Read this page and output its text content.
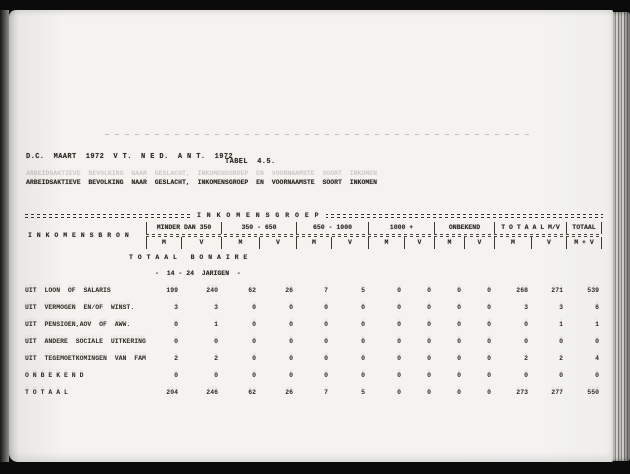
D.C.  MAART  1972  V T.  N E D.  A N T.  1972
TABEL  4.5.
ARBEIDSAKTIEVE  BEVOLKING  NAAR  GESLACHT,  INKOMENSGROEP  EN  VOORNAAMSTE  SOORT  INKOMEN
ARBEIDSAKTIEVE  BEVOLKING  NAAR  GESLACHT,  INKOMENSGROEP  EN  VOORNAAMSTE  SOORT  INKOMEN
I N K O M E N S G R O E P
I N K O M E N S B R O N
MINDER DAN 350	350 - 650	650 - 1000	1000 +	ONBEKEND	T O T A A L M/V	TOTAAL
M	V	M	V	M	V	M	V	M	V	M	V	M + V
T O T A A L   B O N A I R E
-  14 - 24  JARIGEN  -
UIT  LOON  OF  SALARIS	199	240	62	26	7	5	0	0	0	0	268	271	539
UIT  VERMOGEN  EN/OF  WINST.	3	3	0	0	0	0	0	0	0	0	3	3	6
UIT  PENSIOEN,AOV  OF  AWW.	0	1	0	0	0	0	0	0	0	0	0	1	1
UIT  ANDERE  SOCIALE  UITKERING	0	0	0	0	0	0	0	0	0	0	0	0	0
UIT  TEGEMOETKOMINGEN  VAN  FAM	2	2	0	0	0	0	0	0	0	0	2	2	4
O N B E K E N D	0	0	0	0	0	0	0	0	0	0	0	0	0
T O T A A L	204	246	62	26	7	5	0	0	0	0	273	277	550
